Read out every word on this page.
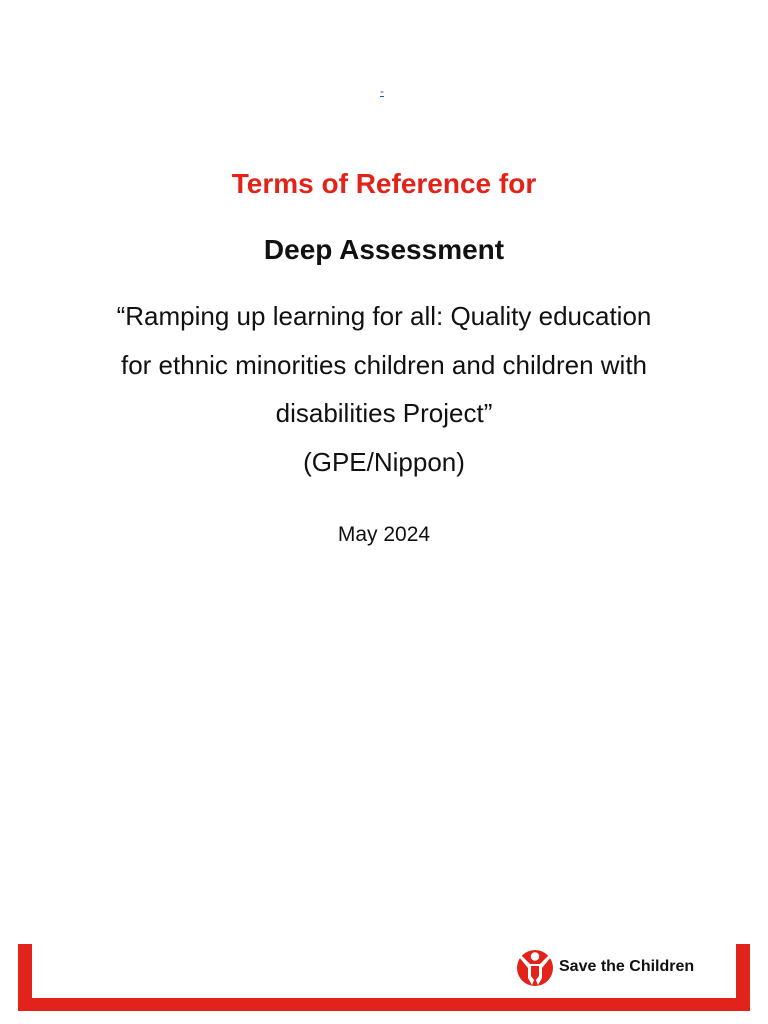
-
Terms of Reference for
Deep Assessment
“Ramping up learning for all: Quality education
for ethnic minorities children and children with
disabilities Project”
(GPE/Nippon)
May 2024
Save the Children
